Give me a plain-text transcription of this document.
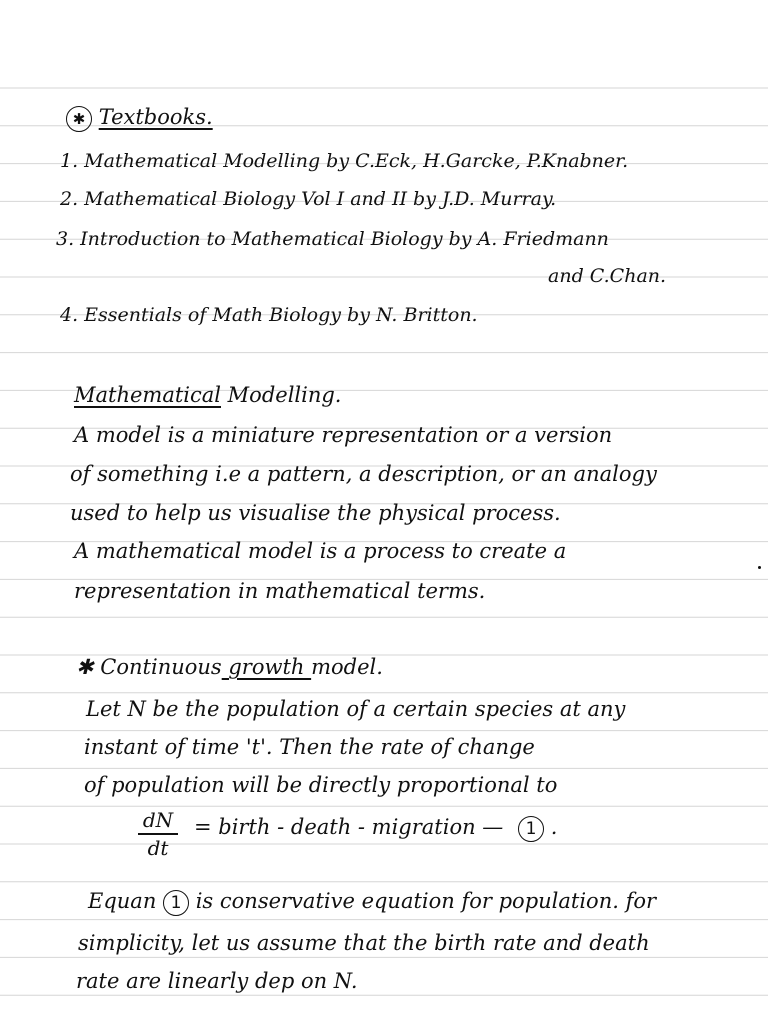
✱ Textbooks.
1. Mathematical Modelling by C.Eck, H.Garcke, P.Knabner.
2. Mathematical Biology Vol I and II by J.D. Murray.
3. Introduction to Mathematical Biology by A. Friedmann
and C.Chan.
4. Essentials of Math Biology by N. Britton.
Mathematical Modelling.
A model is a miniature representation or a version
of something i.e a pattern, a description, or an analogy
used to help us visualise the physical process.
A mathematical model is a process to create a
representation in mathematical terms.
✱ Continuous growth model.
Let N be the population of a certain species at any
instant of time 't'. Then the rate of change
of population will be directly proportional to
dN
dt
= birth - death - migration — 1 .
Equan 1 is conservative equation for population. for
simplicity, let us assume that the birth rate and death
rate are linearly dep on N.
